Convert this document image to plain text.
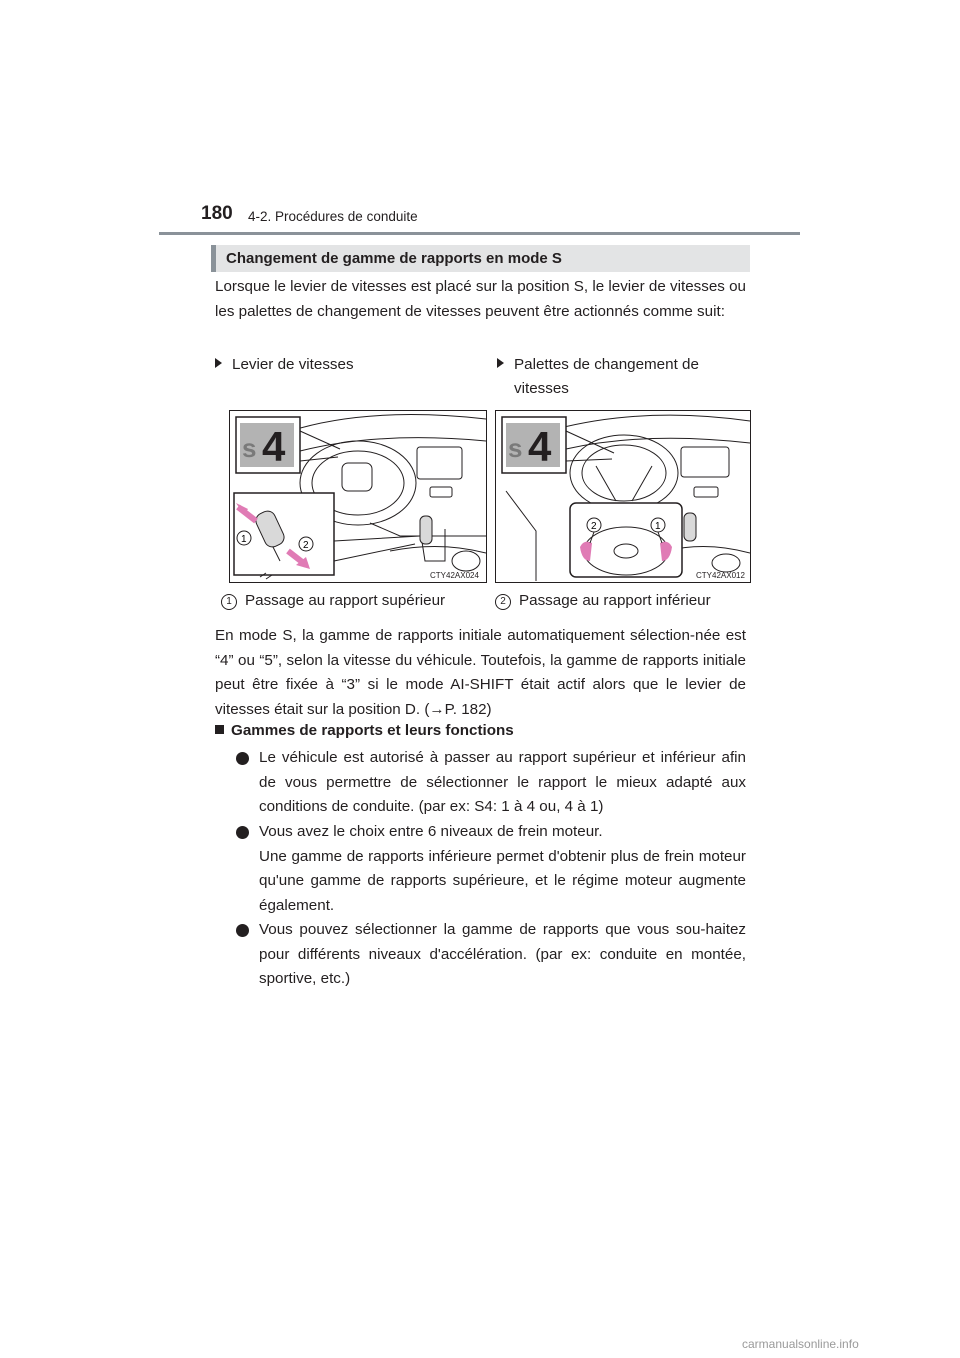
180 4-2. Procédures de conduite
Changement de gamme de rapports en mode S
Lorsque le levier de vitesses est placé sur la position S, le levier de vitesses ou les palettes de changement de vitesses peuvent être actionnés comme suit:
Levier de vitesses	Palettes de changement de
vitesses
s 4
1
2
CTY42AX024
s 4
2	1
CTY42AX012
1 Passage au rapport supérieur	2 Passage au rapport inférieur
En mode S, la gamme de rapports initiale automatiquement sélection-née est “4” ou “5”, selon la vitesse du véhicule. Toutefois, la gamme de rapports initiale peut être fixée à “3” si le mode AI-SHIFT était actif alors que le levier de vitesses était sur la position D. (→P. 182)
Gammes de rapports et leurs fonctions
Le véhicule est autorisé à passer au rapport supérieur et inférieur afin de vous permettre de sélectionner le rapport le mieux adapté aux conditions de conduite. (par ex: S4: 1 à 4 ou, 4 à 1)
Vous avez le choix entre 6 niveaux de frein moteur.
Une gamme de rapports inférieure permet d'obtenir plus de frein moteur qu'une gamme de rapports supérieure, et le régime moteur augmente également.
Vous pouvez sélectionner la gamme de rapports que vous sou-haitez pour différents niveaux d'accélération. (par ex: conduite en montée, sportive, etc.)
carmanualsonline.info
